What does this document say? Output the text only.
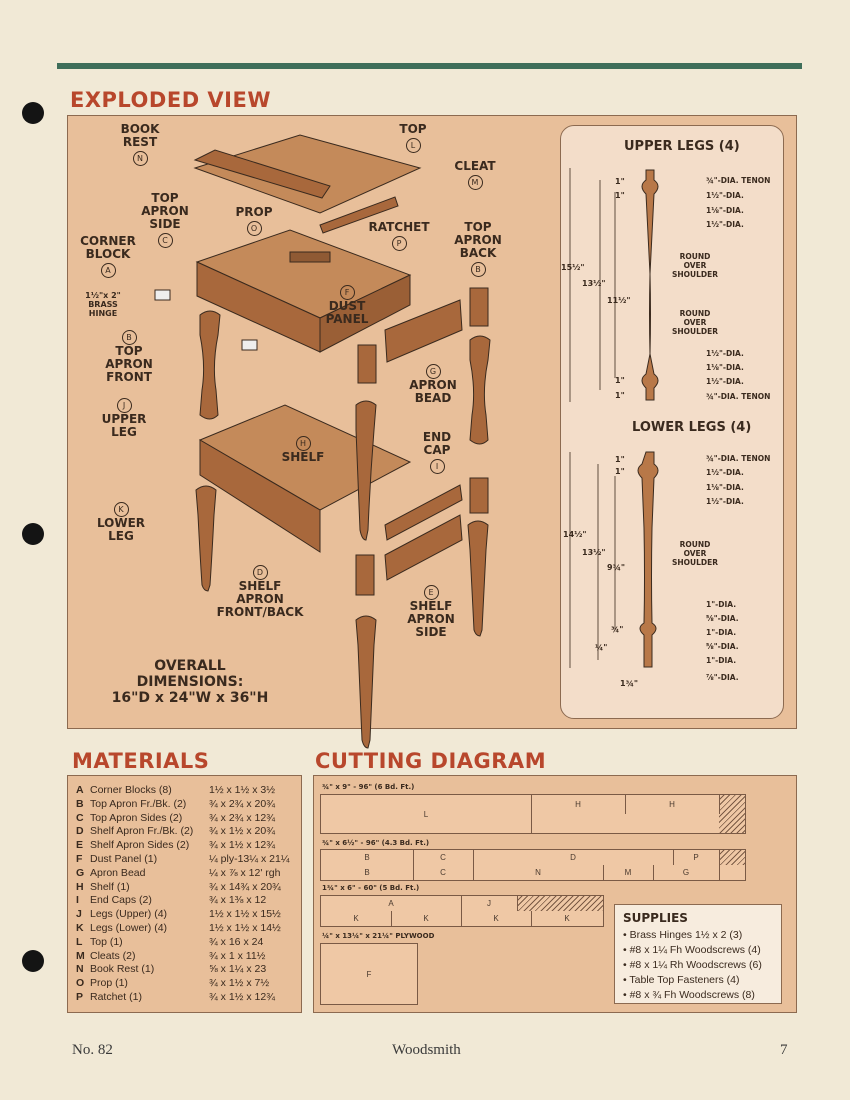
EXPLODED VIEW
BOOK
REST
N
TOP
L
CLEAT
M
TOP
APRON
SIDE
C
PROP
O	RATCHET
P
TOP
APRON
BACK
B
CORNER
BLOCK
A
1½"x 2"
BRASS
HINGE
F
DUST
PANEL
B
TOP
APRON
FRONT	G
APRON
BEAD
J
UPPER
LEG
H
SHELF
END
CAP
I
K
LOWER
LEG
D
SHELF
APRON
FRONT/BACK
E
SHELF
APRON
SIDE
OVERALL DIMENSIONS:
16"D x 24"W x 36"H
UPPER LEGS (4)
15½"
13½"
11½"
1"
1"
1"
1"
¾"-DIA. TENON
1½"-DIA.
1⅛"-DIA.
1½"-DIA.
ROUND
OVER
SHOULDER
ROUND
OVER
SHOULDER
1½"-DIA.
1⅛"-DIA.
1½"-DIA.
¾"-DIA. TENON
LOWER LEGS (4)
14½"
13½"
9¾"
1"
1"
¾"
¼"
1¾"
¾"-DIA. TENON
1½"-DIA.
1⅛"-DIA.
1½"-DIA.
ROUND
OVER
SHOULDER
1"-DIA.
⅝"-DIA.
1"-DIA.
⅝"-DIA.
1"-DIA.
⅞"-DIA.
MATERIALS
A Corner Blocks (8)	1½ x 1½ x 3½
B Top Apron Fr./Bk. (2) ¾ x 2¾ x 20¾
C Top Apron Sides (2)	¾ x 2¾ x 12¾
D Shelf Apron Fr./Bk. (2) ¾ x 1½ x 20¾
E Shelf Apron Sides (2) ¾ x 1½ x 12¾
F Dust Panel (1)	¼ ply-13¼ x 21¼
G Apron Bead	¼ x ⅞ x 12' rgh
H Shelf (1)	¾ x 14¾ x 20¾
I End Caps (2)	¾ x 1⅜ x 12
J Legs (Upper) (4)	1½ x 1½ x 15½
K Legs (Lower) (4)	1½ x 1½ x 14½
L Top (1)	¾ x 16 x 24
M Cleats (2)	¾ x 1 x 11½
N Book Rest (1)	⅝ x 1¼ x 23
O Prop (1)	¾ x 1½ x 7½
P Ratchet (1)	¾ x 1½ x 12¾
CUTTING DIAGRAM
¾" x 9" - 96" (6 Bd. Ft.)
L
H	H
¾" x 6½" - 96" (4.3 Bd. Ft.)
B	C	D	P
B	C	N	M	G
1¾" x 6" - 60" (5 Bd. Ft.)
A	J
K	K	K	K
¼" x 13¼" x 21¼" PLYWOOD
F
SUPPLIES
• Brass Hinges 1½ x 2 (3)
• #8 x 1¼ Fh Woodscrews (4)
• #8 x 1¼ Rh Woodscrews (6)
• Table Top Fasteners (4)
• #8 x ¾ Fh Woodscrews (8)
No. 82	Woodsmith	7
